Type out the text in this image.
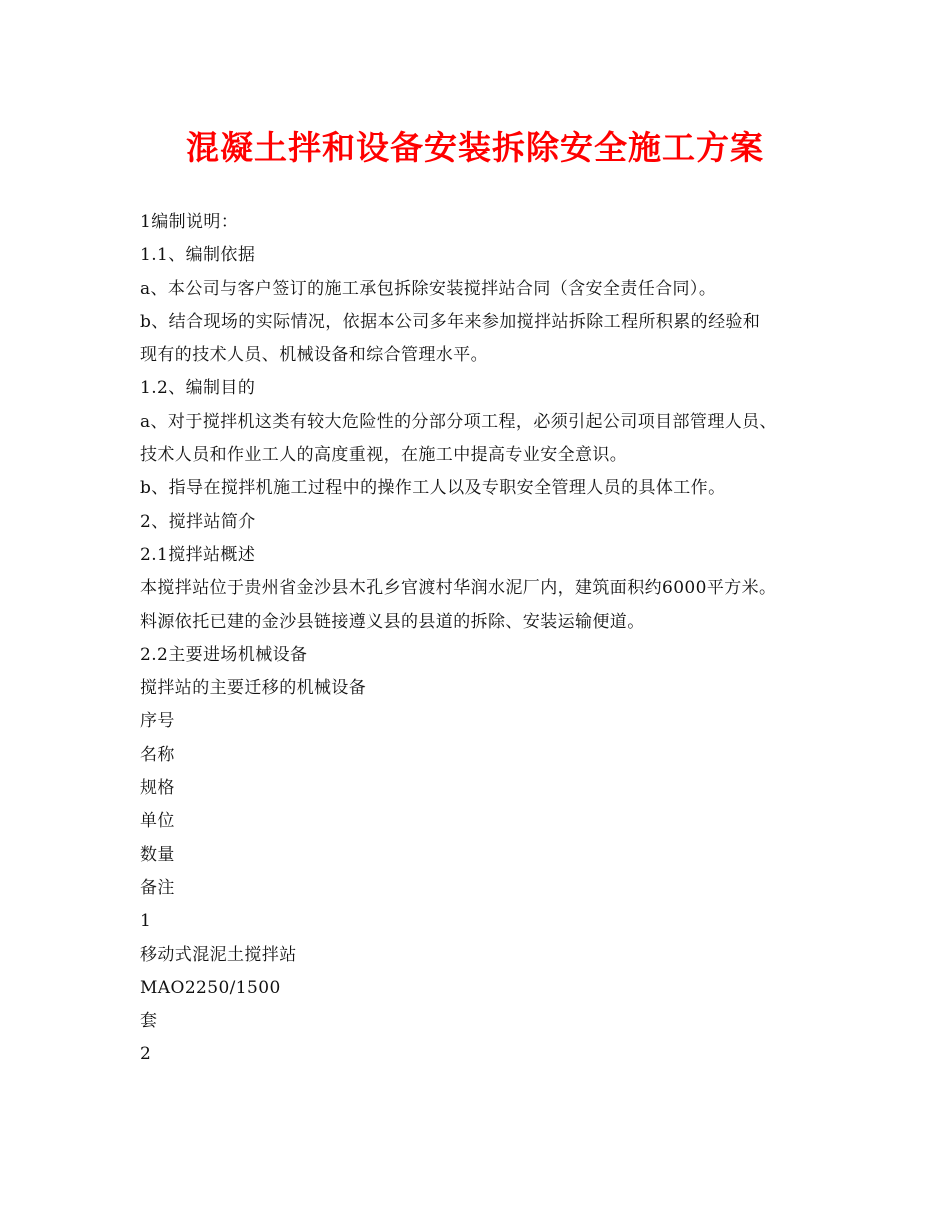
混凝土拌和设备安装拆除安全施工方案
1编制说明：
1.1、编制依据
a、本公司与客户签订的施工承包拆除安装搅拌站合同（含安全责任合同）。
b、结合现场的实际情况，依据本公司多年来参加搅拌站拆除工程所积累的经验和
现有的技术人员、机械设备和综合管理水平。
1.2、编制目的
a、对于搅拌机这类有较大危险性的分部分项工程，必须引起公司项目部管理人员、
技术人员和作业工人的高度重视，在施工中提高专业安全意识。
b、指导在搅拌机施工过程中的操作工人以及专职安全管理人员的具体工作。
2、搅拌站简介
2.1搅拌站概述
本搅拌站位于贵州省金沙县木孔乡官渡村华润水泥厂内，建筑面积约6000平方米。
料源依托已建的金沙县链接遵义县的县道的拆除、安装运输便道。
2.2主要进场机械设备
搅拌站的主要迁移的机械设备
序号
名称
规格
单位
数量
备注
1
移动式混泥土搅拌站
MAO2250/1500
套
2
